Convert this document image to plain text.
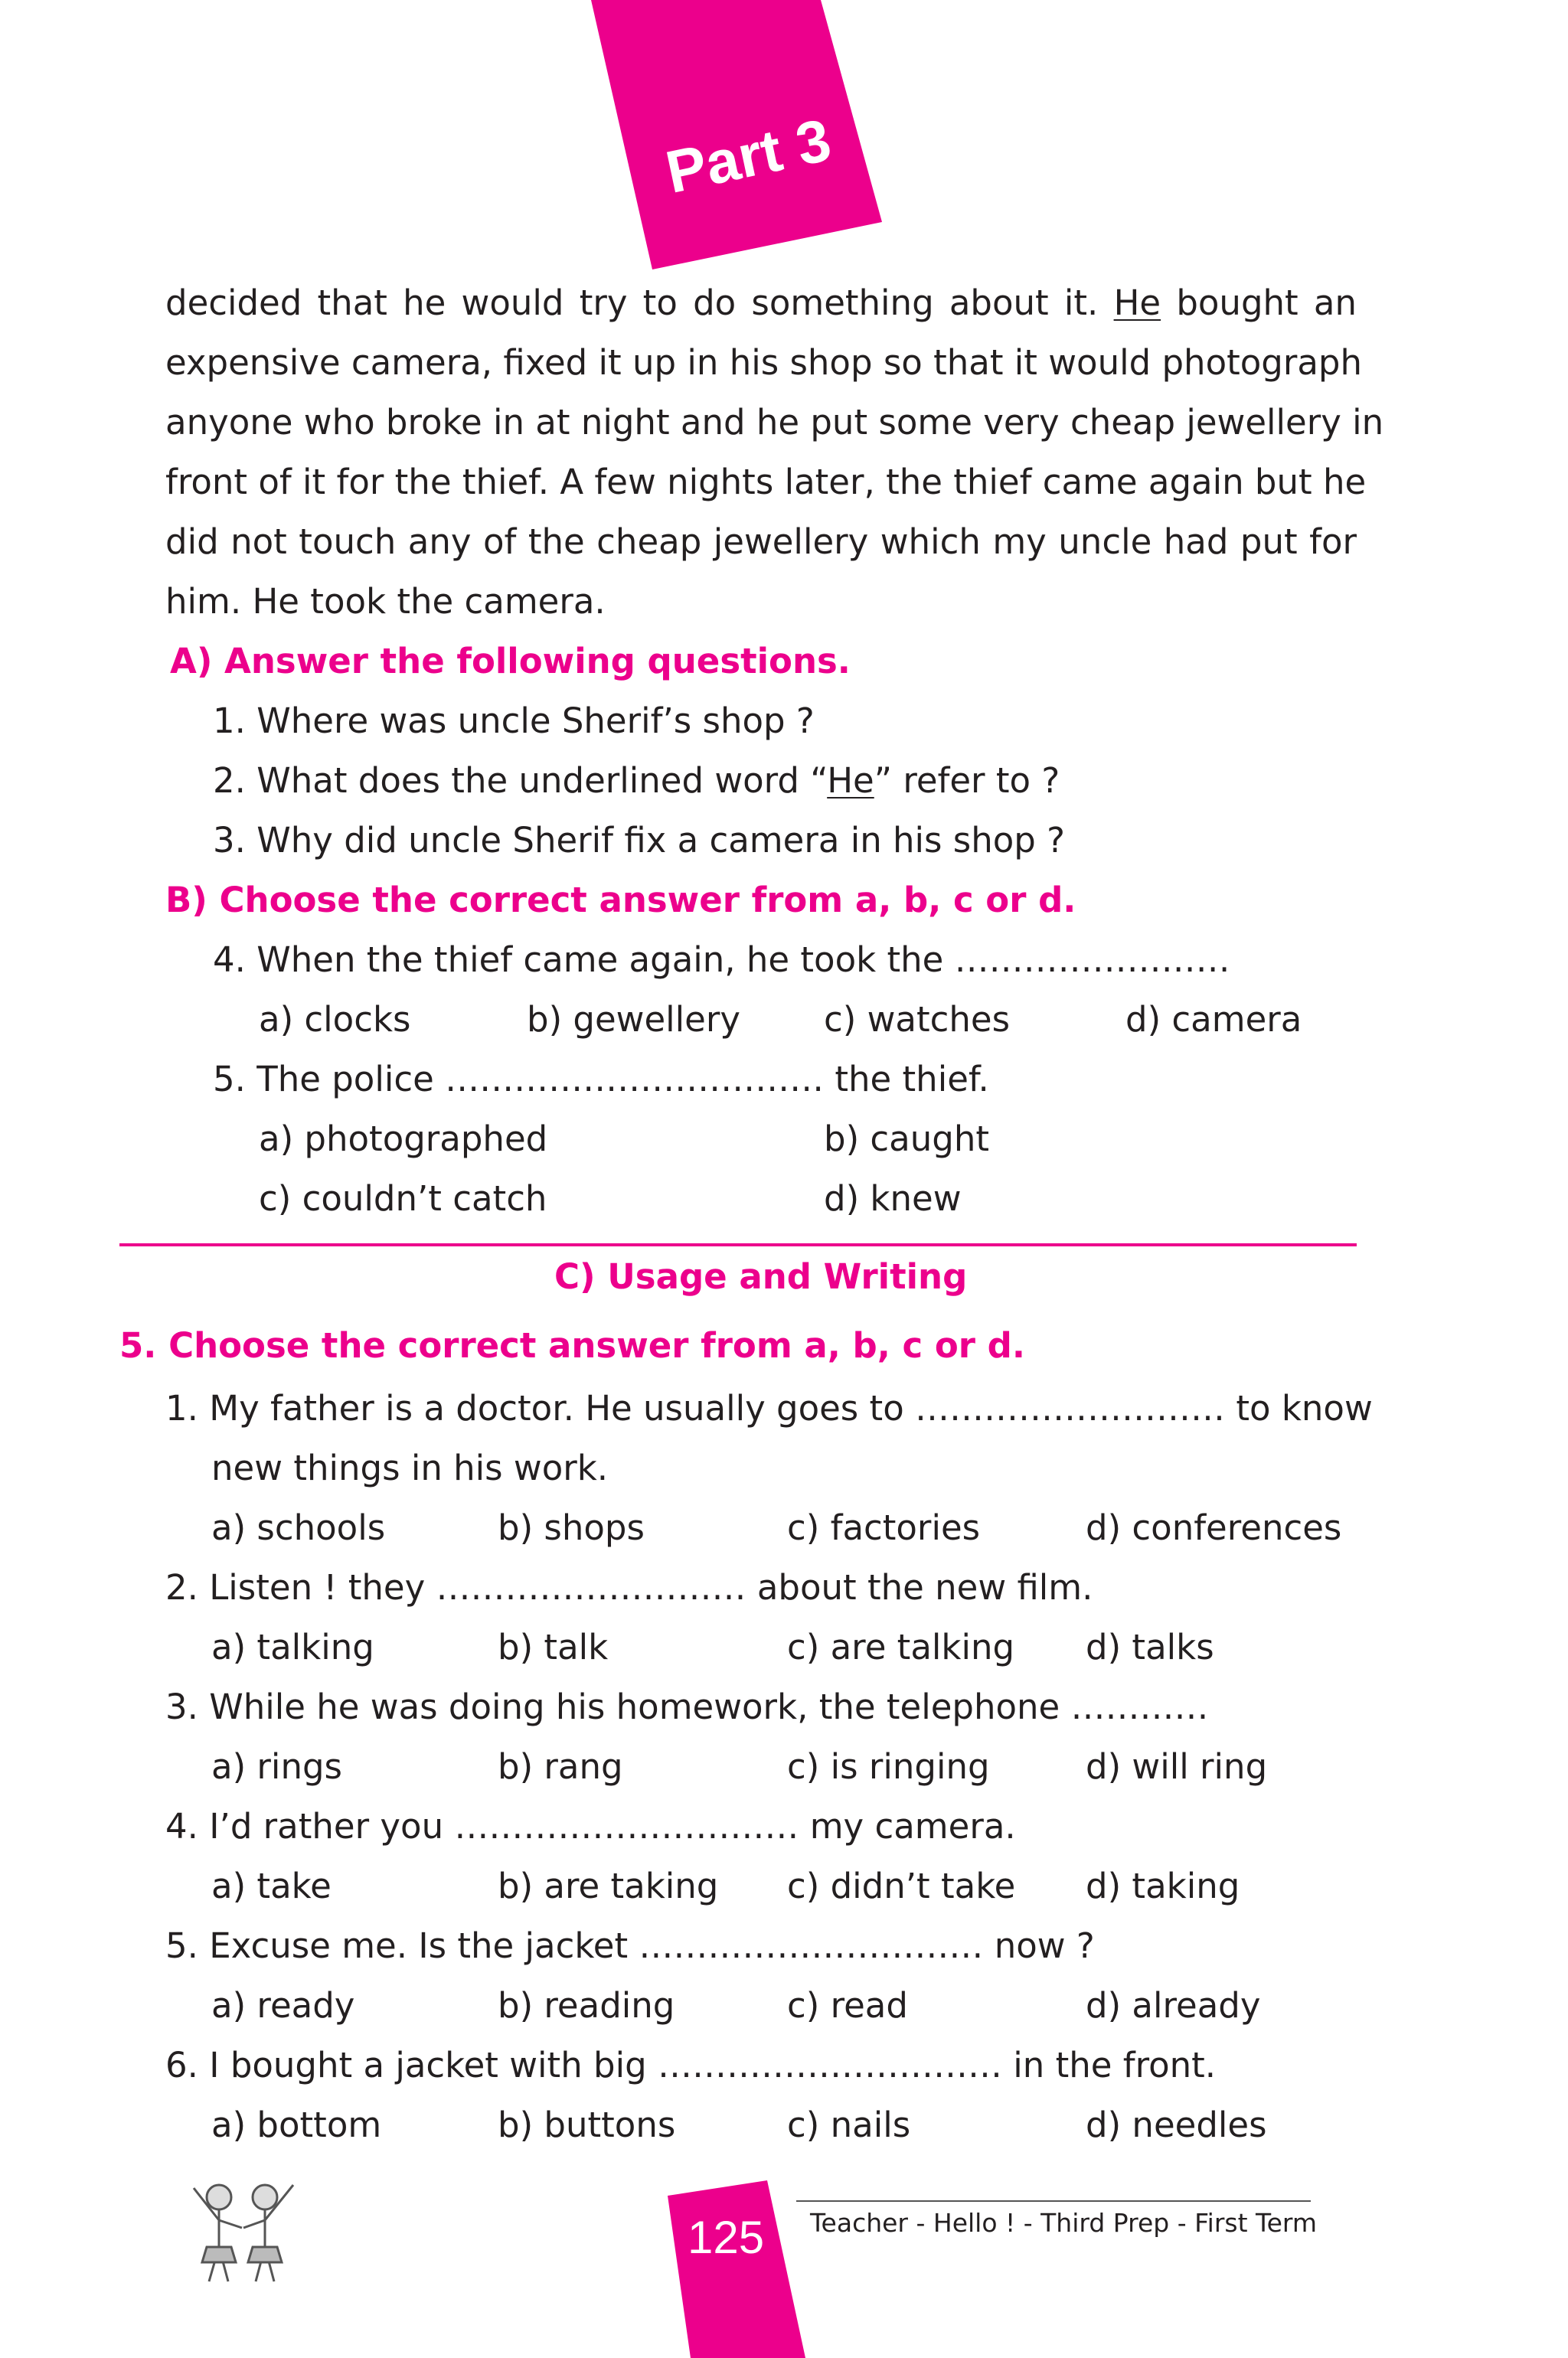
Part 3
decided that he would try to do something about it. He bought an
expensive camera, fixed it up in his shop so that it would photograph
anyone who broke in at night and he put some very cheap jewellery in
front of it for the thief. A few nights later, the thief came again but he
did not touch any of the cheap jewellery which my uncle had put for
him. He took the camera.
A) Answer the following questions.
1. Where was uncle Sherif’s shop ?
2. What does the underlined word “He” refer to ?
3. Why did uncle Sherif fix a camera in his shop ?
B) Choose the correct answer from a, b, c or d.
4. When the thief came again, he took the ……………………
a) clocks	b) gewellery c) watches	d) camera
5. The police …………………………… the thief.
a) photographed	b) caught
c) couldn’t catch	d) knew
C) Usage and Writing
5. Choose the correct answer from a, b, c or d.
1. My father is a doctor. He usually goes to ……………………… to know
new things in his work.
a) schools	b) shops	c) factories	d) conferences
2. Listen ! they ……………………… about the new film.
a) talking	b) talk	c) are talking d) talks
3. While he was doing his homework, the telephone …………
a) rings	b) rang	c) is ringing	d) will ring
4. I’d rather you ………………………… my camera.
a) take	b) are taking c) didn’t take d) taking
5. Excuse me. Is the jacket ………………………… now ?
a) ready	b) reading	c) read	d) already
6. I bought a jacket with big ………………………… in the front.
a) bottom	b) buttons	c) nails	d) needles
125 Teacher - Hello ! - Third Prep - First Term
